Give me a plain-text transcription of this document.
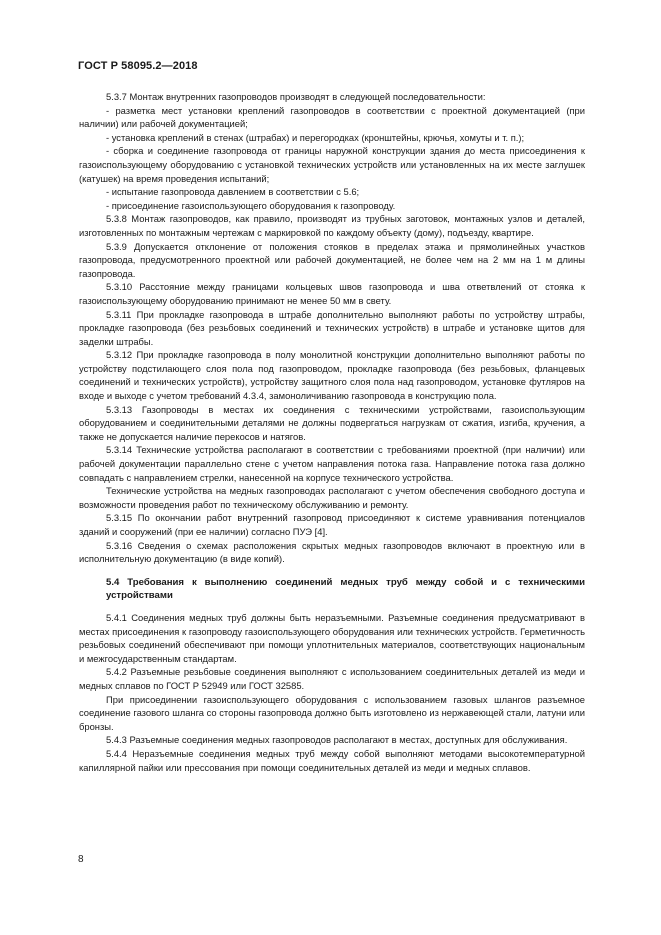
ГОСТ Р 58095.2—2018

5.3.7 Монтаж внутренних газопроводов производят в следующей последовательности:

- разметка мест установки креплений газопроводов в соответствии с проектной документацией (при наличии) или рабочей документацией;

- установка креплений в стенах (штрабах) и перегородках (кронштейны, крючья, хомуты и т. п.);

- сборка и соединение газопровода от границы наружной конструкции здания до места присоединения к газоиспользующему оборудованию с установкой технических устройств или установленных на их месте заглушек (катушек) на время проведения испытаний;

- испытание газопровода давлением в соответствии с 5.6;

- присоединение газоиспользующего оборудования к газопроводу.

5.3.8 Монтаж газопроводов, как правило, производят из трубных заготовок, монтажных узлов и деталей, изготовленных по монтажным чертежам с маркировкой по каждому объекту (дому), подъезду, квартире.

5.3.9 Допускается отклонение от положения стояков в пределах этажа и прямолинейных участков газопровода, предусмотренного проектной или рабочей документацией, не более чем на 2 мм на 1 м длины газопровода.

5.3.10 Расстояние между границами кольцевых швов газопровода и шва ответвлений от стояка к газоиспользующему оборудованию принимают не менее 50 мм в свету.

5.3.11 При прокладке газопровода в штрабе дополнительно выполняют работы по устройству штрабы, прокладке газопровода (без резьбовых соединений и технических устройств) в штрабе и установке щитов для заделки штрабы.

5.3.12 При прокладке газопровода в полу монолитной конструкции дополнительно выполняют работы по устройству подстилающего слоя пола под газопроводом, прокладке газопровода (без резьбовых, фланцевых соединений и технических устройств), устройству защитного слоя пола над газопроводом, установке футляров на входе и выходе с учетом требований 4.3.4, замоноличиванию газопровода в конструкцию пола.

5.3.13 Газопроводы в местах их соединения с техническими устройствами, газоиспользующим оборудованием и соединительными деталями не должны подвергаться нагрузкам от сжатия, изгиба, кручения, а также не допускается наличие перекосов и натягов.

5.3.14 Технические устройства располагают в соответствии с требованиями проектной (при наличии) или рабочей документации параллельно стене с учетом направления потока газа. Направление потока газа должно совпадать с направлением стрелки, нанесенной на корпусе технического устройства.

Технические устройства на медных газопроводах располагают с учетом обеспечения свободного доступа и возможности проведения работ по техническому обслуживанию и ремонту.

5.3.15 По окончании работ внутренний газопровод присоединяют к системе уравнивания потенциалов зданий и сооружений (при ее наличии) согласно ПУЭ [4].

5.3.16 Сведения о схемах расположения скрытых медных газопроводов включают в проектную или в исполнительную документацию (в виде копий).

5.4 Требования к выполнению соединений медных труб между собой и с техническими устройствами

5.4.1 Соединения медных труб должны быть неразъемными. Разъемные соединения предусматривают в местах присоединения к газопроводу газоиспользующего оборудования или технических устройств. Герметичность резьбовых соединений обеспечивают при помощи уплотнительных материалов, соответствующих национальным и межгосударственным стандартам.

5.4.2 Разъемные резьбовые соединения выполняют с использованием соединительных деталей из меди и медных сплавов по ГОСТ Р 52949 или ГОСТ 32585.

При присоединении газоиспользующего оборудования с использованием газовых шлангов разъемное соединение газового шланга со стороны газопровода должно быть изготовлено из нержавеющей стали, латуни или бронзы.

5.4.3 Разъемные соединения медных газопроводов располагают в местах, доступных для обслуживания.

5.4.4 Неразъемные соединения медных труб между собой выполняют методами высокотемпературной капиллярной пайки или прессования при помощи соединительных деталей из меди и медных сплавов.

8
